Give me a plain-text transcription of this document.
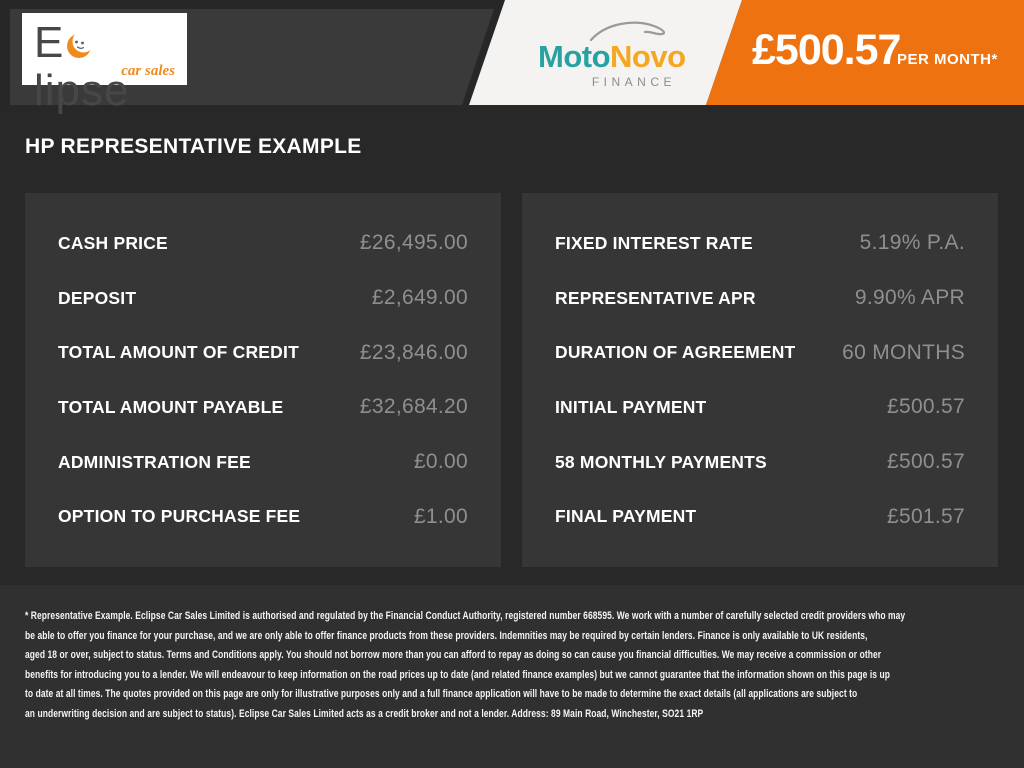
Elipse
car sales	MotoNovo
FINANCE
£500.57
PER MONTH*
HP REPRESENTATIVE EXAMPLE
CASH PRICE	£26,495.00
DEPOSIT	£2,649.00
TOTAL AMOUNT OF CREDIT	£23,846.00
TOTAL AMOUNT PAYABLE	£32,684.20
ADMINISTRATION FEE	£0.00
OPTION TO PURCHASE FEE	£1.00
FIXED INTEREST RATE	5.19% P.A.
REPRESENTATIVE APR	9.90% APR
DURATION OF AGREEMENT 60 MONTHS
INITIAL PAYMENT	£500.57
58 MONTHLY PAYMENTS	£500.57
FINAL PAYMENT	£501.57
* Representative Example. Eclipse Car Sales Limited is authorised and regulated by the Financial Conduct Authority, registered number 668595. We work with a number of carefully selected credit providers who may
be able to offer you finance for your purchase, and we are only able to offer finance products from these providers. Indemnities may be required by certain lenders. Finance is only available to UK residents,
aged 18 or over, subject to status. Terms and Conditions apply. You should not borrow more than you can afford to repay as doing so can cause you financial difficulties. We may receive a commission or other
benefits for introducing you to a lender. We will endeavour to keep information on the road prices up to date (and related finance examples) but we cannot guarantee that the information shown on this page is up
to date at all times. The quotes provided on this page are only for illustrative purposes only and a full finance application will have to be made to determine the exact details (all applications are subject to
an underwriting decision and are subject to status). Eclipse Car Sales Limited acts as a credit broker and not a lender. Address: 89 Main Road, Winchester, SO21 1RP
